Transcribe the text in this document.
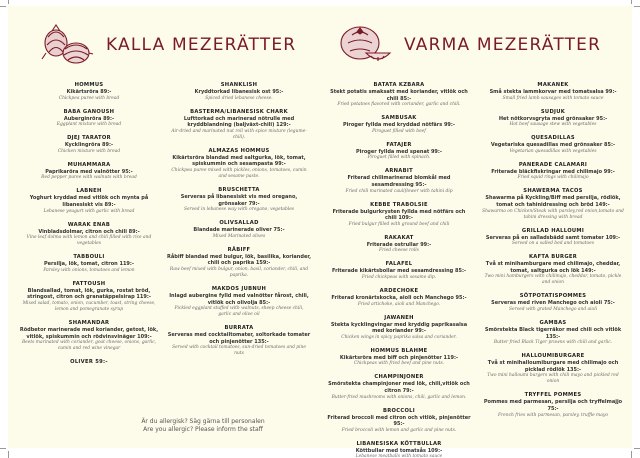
KALLA MEZERÄTTER
HOMMUS
Kikärtsröra 89:-
Chickpea puree with bread
BABA GANOUSH
Auberginröra 89:-
Eggplant mixture with bread
DJEJ TARATOR
Kycklingröra 89:-
Chicken mixture with bread
MUHAMMARA
Paprikaröra med valnötter 95:-
Red pepper puree with walnuts with bread
LABNEH
Yoghurt kryddad med vitlök och mynta på libanesiskt vis 89:-
Lebanese yougurt with garlic with bread
WARAK ENAB
Vinbladsdolmar, citron och chili 89:-
Vine leaf dolma with lemon and chili filled with rice and vegetables
TABBOULI
Persilja, lök, tomat, citron 119:-
Parsley with onions, tomatoes and lemon
FATTOUSH
Blandsallad, tomat, lök, gurka, rostat bröd, stringost, citron och granatäppelsirap 119:-
Mixed salad, tomato, onion, cucumber, toast, string cheese, lemon and pomegranate syrup
SHAMANDAR
Rödbetor marinerade med koriander, getost, lök, vitlök, spiskummin och rödvinsvinäger 109:-
Beets marinated with coriander, goat cheese, onions, garlic, cumin and red wine vinegar
OLIVER 59:-
SHANKLISH
Kryddtorkad libanesisk ost 95:-
Spiced dried lebanese cheese.
BASTERMA/LIBANESISK CHARK
Lufttorkad och marinerad nötrulle med kryddblandning (baljväxt-chili) 129:-
Air-dried and marinated nut roll with spice mixture (legume-chili).
ALMAZAS HOMMUS
Kikärtsröra blandad med saltgurka, lök, tomat, spiskummin och sesampasta 99:-
Chickpea puree mixed with pickles, onions, tomatoes, cumin and sesame paste.
BRUSCHETTA
Serveras på libanesiskt vis med oregano, grönsaker 79:-
Served in lebanese way with oregano, vegetables
OLIVSALLAD
Blandade marinerade oliver 75:-
Mixed Marinated olives
RÅBIFF
Råbiff blandad med bulgur, lök, basilika, koriander, chili och paprika 159:-
Raw beef mixed with bulgur, onion, basil, coriander, chili, and paprika.
MAKDOS JUBNUH
Inlagd aubergine fylld med valnötter fårost, chili, vitlök och olivolja 85:-
Pickled eggplant stuffed with walnuts, sheep cheese chili, garlic and olive oil
BURRATA
Serveras med cocktailtomater, soltorkade tomater och pinjenötter 135:-
Served with cocktail tomatoes, sun-dried tomatoes and pine nuts
Är du allergisk? Säg gärna till personalen
Are you allergic? Please inform the staff
VARMA MEZERÄTTER
BATATA KZBARA
Stekt potatis smaksatt med koriander, vitlök och chili 85:-
Fried potatoes flavored with coriander, garlic and chili.
SAMBUSAK
Piroger fyllda med kryddad nötfärs 99:-
Piroguet filled with beef
FATAJER
Piroger fyllda med spenat 99:-
Piroguet filled with spinach.
ARNABIT
Friterad chilimarinerad blomkål med sesamdressing 95:-
Fried chili marinated cauliflower with tahini dip
KEBBE TRABOLSIE
Friterade bulgurkrysten fyllda med nötfärs och chili 109:-
Fried bulgur filled with ground beef and chili
RAKAKAT
Friterade ostrullar 99:-
Fried cheese rolls
FALAFEL
Friterade kikärtsbollar med sesamdressing 85:-
Fried chickpeas with sesame dip.
ARDECHOKE
Friterad kronärtskocka, aioli och Manchego 95:-
Fried artichoke, aioli and Manchego.
JAWANEH
Stekta kycklingvingar med kryddig paprikasalsa med koriander 99:-
Chicken wings in spicy paprika salsa and coriander.
HOMMUS BLAHME
Kikärtsröra med biff och pinjenötter 119:-
Chickpeas with fried beef and pine nuts.
CHAMPINJONER
Smörstekta champinjoner med lök, chili,vitlök och citron 79:-
Butter-fried mushrooms with onions, chili, garlic and lemon.
BROCCOLI
Friterad broccoli med citron och vitlök, pinjenötter 95:-
Fried broccoli with lemon and garlic and pine nuts.
LIBANESISKA KÖTTBULLAR
Köttbullar med tomatsås 109:-
Lebanese meatballs with tomato sauce
MAKANEK
Små stekta lammkorvar med tomatsalsa 99:-
Small fried lamb sausages with tomato sauce
SUDJUK
Het nötkorvsgryta med grönsaker 95:-
Hot beef sausage stew with vegetables
QUESADILLAS
Vegetariska quesadillas med grönsaker 85:-
Vegetarian quesadillas with vegetables
PANERADE CALAMARI
Friterade bläckfiskringar med chilimajo 99:-
Fried squid rings with chilimajo
SHAWERMA TACOS
Shawarma på Kyckling/Biff med persilja, rödlök, tomat och tahinidressing och bröd 149:-
Shawarma on Chicken/Steak with parsley,red onion,tomato and tahini dressing with bread
GRILLAD HALLOUMI
Serveras på en salladsbädd samt tomater 109:-
Served on a salled bed and tomatoes
KAFTA BURGER
Två st minihamburgare med chilimajo, cheddar, tomat, saltgurka och lök 149:-
Two mini hamburgers with chilimajo, cheddar, tomato, pickle and onion
SÖTPOTATISPOMMES
Serveras med riven Manchego och aioli 75:-
Served with grated Manchego and aioli
GAMBAS
Smörstekta Black tigerräkor med chili och vitlök 135:-
Butter fried Black Tiger prawns with chili and garlic.
HALLOUMIBURGARE
Två st minihalloumiburgare med chilimajo och picklad rödlök 135:-
Two mini halloumi burgers with chili mayo and pickled red onion
TRYFFEL POMMES
Pommes med parmesan, persilja och tryffelmajjo 75:-
French fries with parmesan, parsley, truffle mayo
